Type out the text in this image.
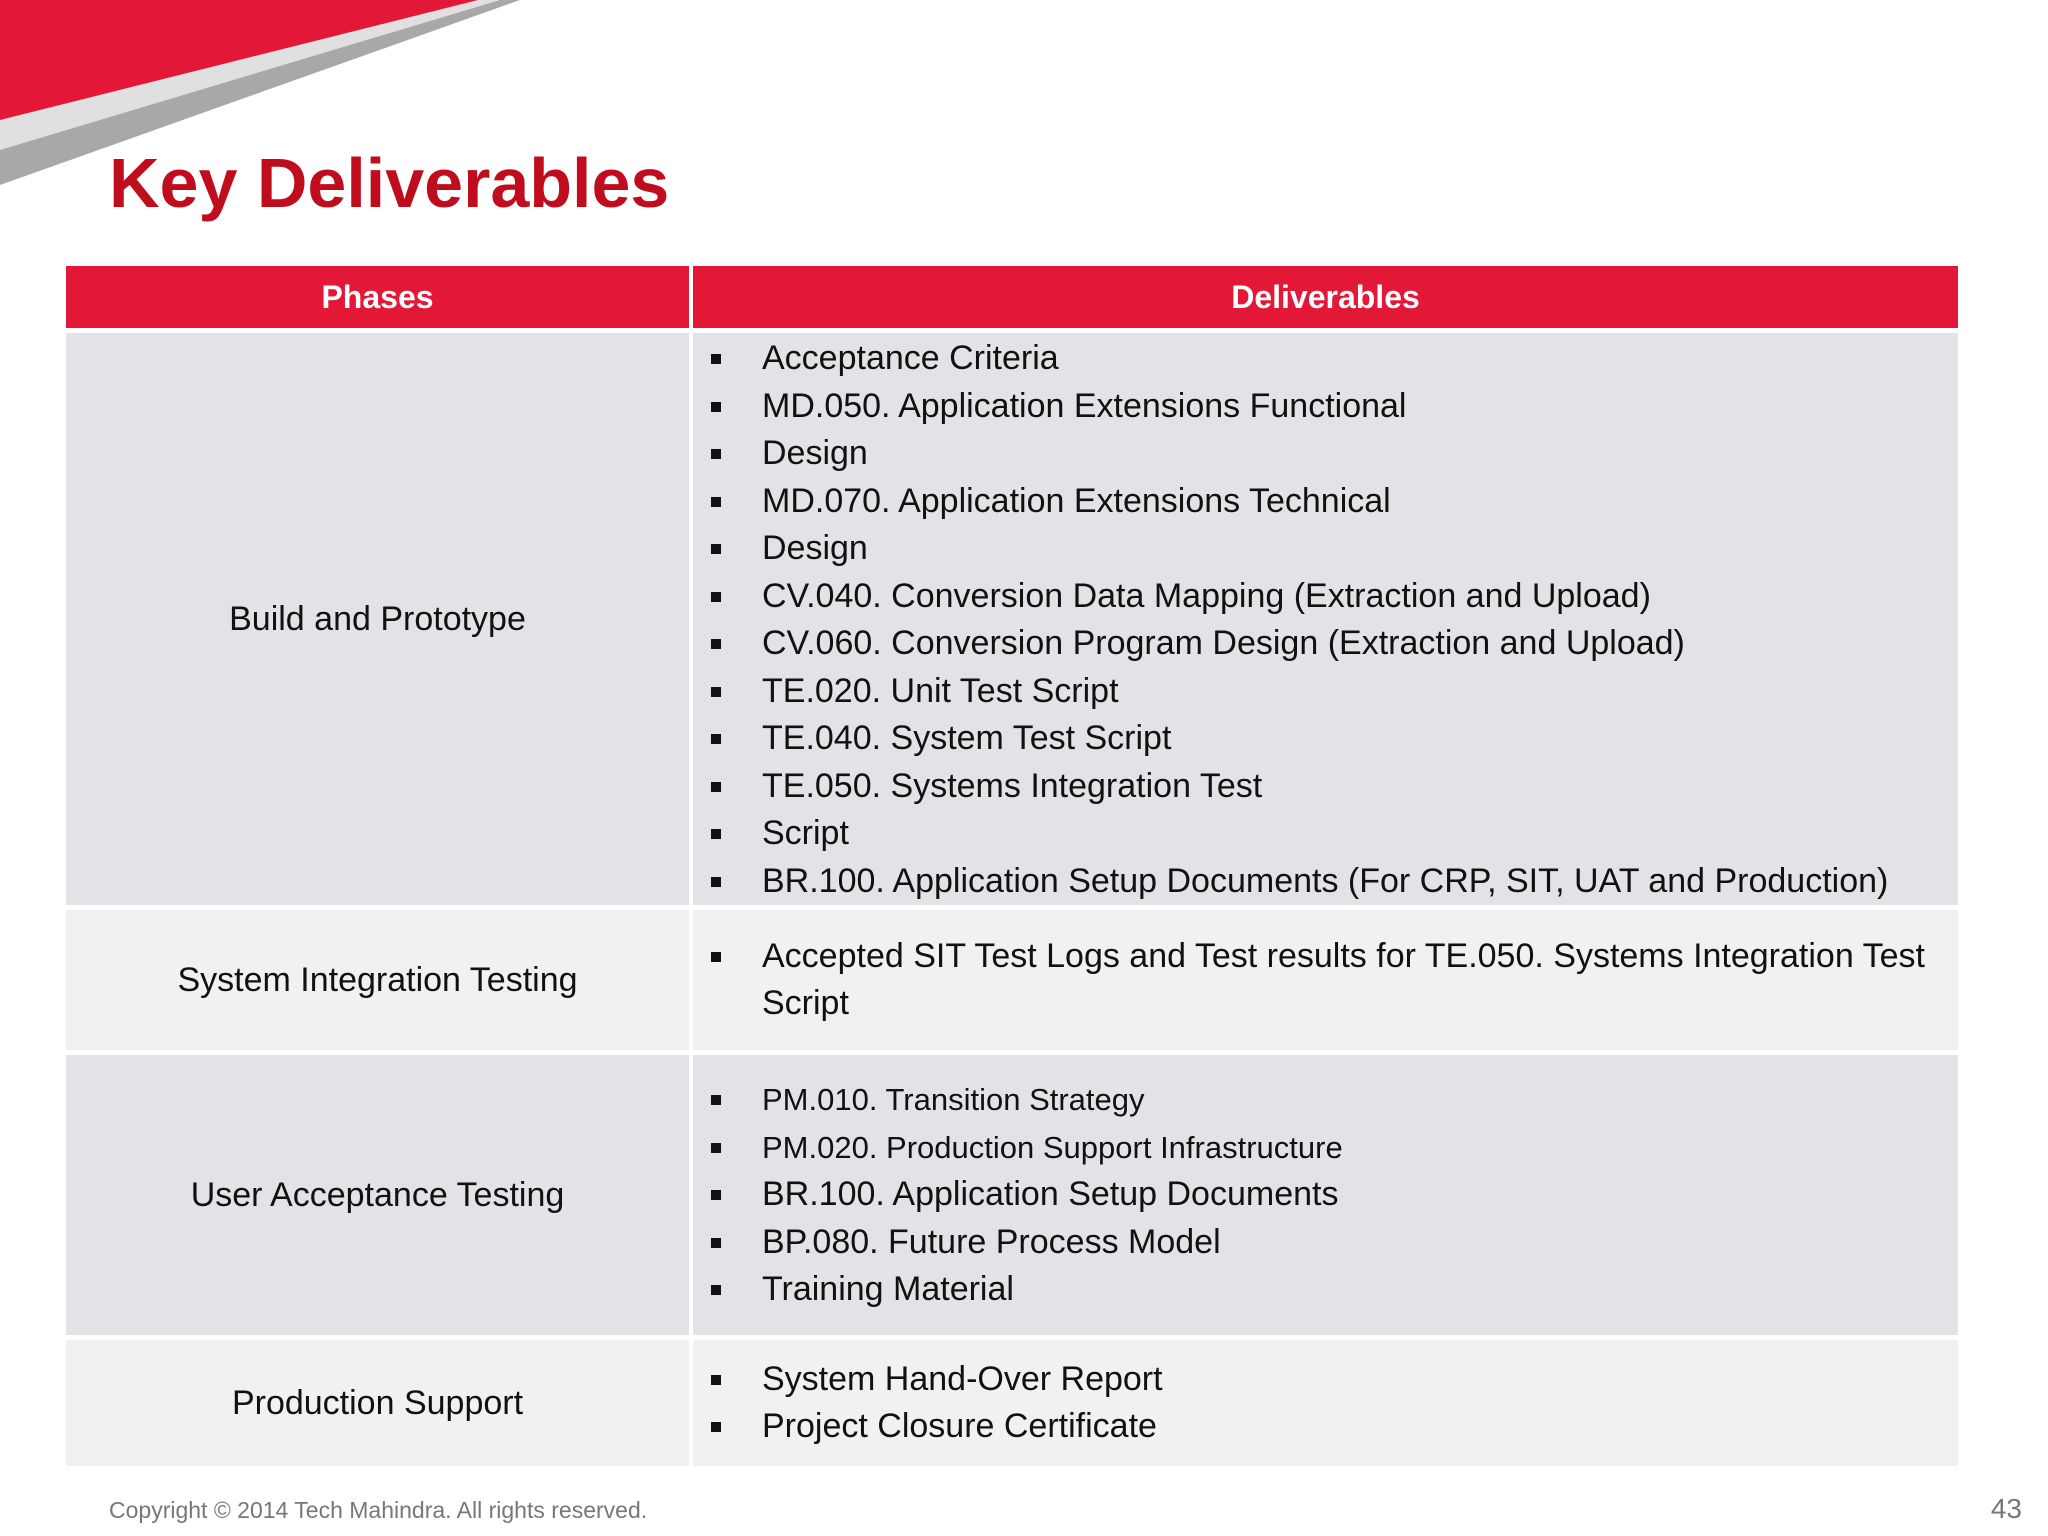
Key Deliverables
Phases	Deliverables
Build and Prototype
Acceptance Criteria
MD.050. Application Extensions Functional
Design
MD.070. Application Extensions Technical
Design
CV.040. Conversion Data Mapping (Extraction and Upload)
CV.060. Conversion Program Design (Extraction and Upload)
TE.020. Unit Test Script
TE.040. System Test Script
TE.050. Systems Integration Test
Script
BR.100. Application Setup Documents (For CRP, SIT, UAT and Production)
System Integration Testing
Accepted SIT Test Logs and Test results for TE.050. Systems Integration Test Script
User Acceptance Testing
PM.010. Transition Strategy
PM.020. Production Support Infrastructure
BR.100. Application Setup Documents
BP.080. Future Process Model
Training Material
Production Support
System Hand-Over Report
Project Closure Certificate
Copyright © 2014 Tech Mahindra. All rights reserved.	43
